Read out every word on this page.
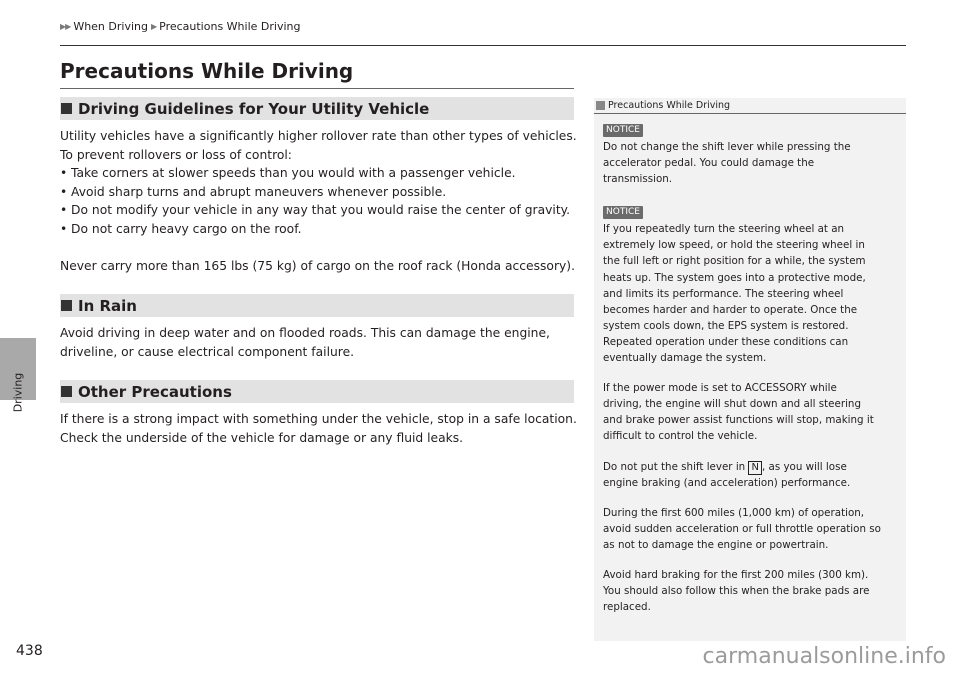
Driving
▶▶ When Driving ▶ Precautions While Driving
Precautions While Driving
Driving Guidelines for Your Utility Vehicle
Utility vehicles have a significantly higher rollover rate than other types of vehicles.
To prevent rollovers or loss of control:
• Take corners at slower speeds than you would with a passenger vehicle.
• Avoid sharp turns and abrupt maneuvers whenever possible.
• Do not modify your vehicle in any way that you would raise the center of gravity.
• Do not carry heavy cargo on the roof.
Never carry more than 165 lbs (75 kg) of cargo on the roof rack (Honda accessory).
In Rain
Avoid driving in deep water and on flooded roads. This can damage the engine,
driveline, or cause electrical component failure.
Other Precautions
If there is a strong impact with something under the vehicle, stop in a safe location.
Check the underside of the vehicle for damage or any fluid leaks.
Precautions While Driving
NOTICE

Do not change the shift lever while pressing the

accelerator pedal. You could damage the

transmission.

NOTICE

If you repeatedly turn the steering wheel at an

extremely low speed, or hold the steering wheel in

the full left or right position for a while, the system

heats up. The system goes into a protective mode,

and limits its performance. The steering wheel

becomes harder and harder to operate. Once the

system cools down, the EPS system is restored.

Repeated operation under these conditions can

eventually damage the system.

If the power mode is set to ACCESSORY while

driving, the engine will shut down and all steering

and brake power assist functions will stop, making it

difficult to control the vehicle.

Do not put the shift lever in N , as you will lose

engine braking (and acceleration) performance.

During the first 600 miles (1,000 km) of operation,

avoid sudden acceleration or full throttle operation so

as not to damage the engine or powertrain.

Avoid hard braking for the first 200 miles (300 km).

You should also follow this when the brake pads are

replaced.

438	carmanualsonline.info
